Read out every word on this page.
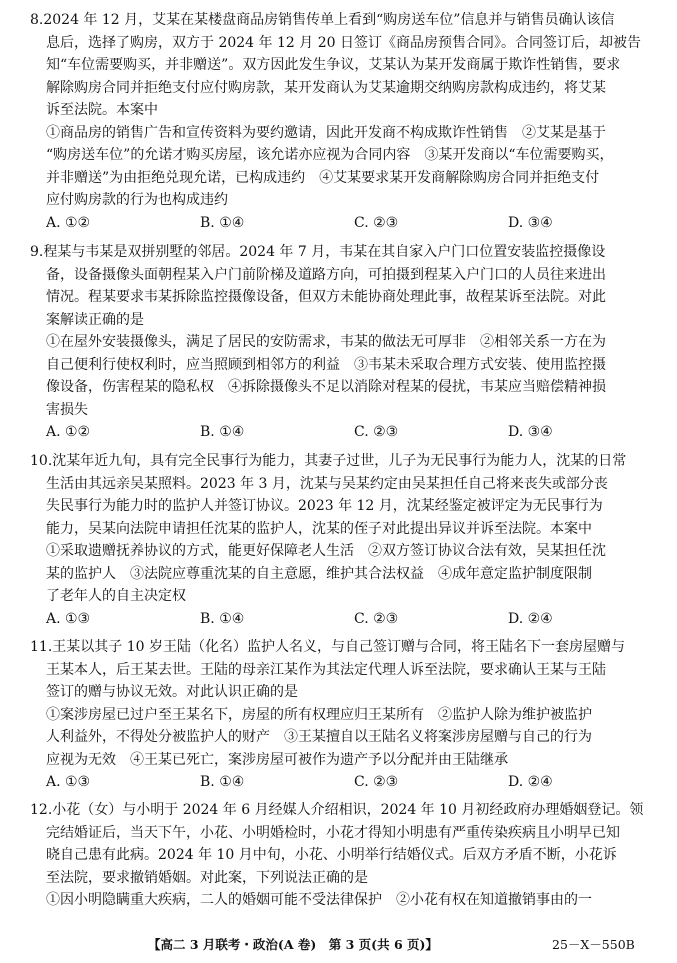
8.2024 年 12 月，艾某在某楼盘商品房销售传单上看到“购房送车位”信息并与销售员确认该信
息后，选择了购房，双方于 2024 年 12 月 20 日签订《商品房预售合同》。合同签订后，却被告
知“车位需要购买，并非赠送”。双方因此发生争议，艾某认为某开发商属于欺诈性销售，要求
解除购房合同并拒绝支付应付购房款，某开发商认为艾某逾期交纳购房款构成违约，将艾某
诉至法院。本案中
①商品房的销售广告和宣传资料为要约邀请，因此开发商不构成欺诈性销售　②艾某是基于
“购房送车位”的允诺才购买房屋，该允诺亦应视为合同内容　③某开发商以“车位需要购买，
并非赠送”为由拒绝兑现允诺，已构成违约　④艾某要求某开发商解除购房合同并拒绝支付
应付购房款的行为也构成违约
A. ①②	B. ①④	C. ②③	D. ③④
9.程某与韦某是双拼别墅的邻居。2024 年 7 月，韦某在其自家入户门口位置安装监控摄像设
备，设备摄像头面朝程某入户门前阶梯及道路方向，可拍摄到程某入户门口的人员往来进出
情况。程某要求韦某拆除监控摄像设备，但双方未能协商处理此事，故程某诉至法院。对此
案解读正确的是
①在屋外安装摄像头，满足了居民的安防需求，韦某的做法无可厚非　②相邻关系一方在为
自己便利行使权利时，应当照顾到相邻方的利益　③韦某未采取合理方式安装、使用监控摄
像设备，伤害程某的隐私权　④拆除摄像头不足以消除对程某的侵扰，韦某应当赔偿精神损
害损失
A. ①②	B. ①④	C. ②③	D. ③④
10.沈某年近九旬，具有完全民事行为能力，其妻子过世，儿子为无民事行为能力人，沈某的日常
生活由其远亲吴某照料。2023 年 3 月，沈某与吴某约定由吴某担任自己将来丧失或部分丧
失民事行为能力时的监护人并签订协议。2023 年 12 月，沈某经鉴定被评定为无民事行为
能力，吴某向法院申请担任沈某的监护人，沈某的侄子对此提出异议并诉至法院。本案中
①采取遗赠抚养协议的方式，能更好保障老人生活　②双方签订协议合法有效，吴某担任沈
某的监护人　③法院应尊重沈某的自主意愿，维护其合法权益　④成年意定监护制度限制
了老年人的自主决定权
A. ①③	B. ①④	C. ②③	D. ②④
11.王某以其子 10 岁王陆（化名）监护人名义，与自己签订赠与合同，将王陆名下一套房屋赠与
王某本人，后王某去世。王陆的母亲江某作为其法定代理人诉至法院，要求确认王某与王陆
签订的赠与协议无效。对此认识正确的是
①案涉房屋已过户至王某名下，房屋的所有权理应归王某所有　②监护人除为维护被监护
人利益外，不得处分被监护人的财产　③王某擅自以王陆名义将案涉房屋赠与自己的行为
应视为无效　④王某已死亡，案涉房屋可被作为遗产予以分配并由王陆继承
A. ①③	B. ①④	C. ②③	D. ②④
12.小花（女）与小明于 2024 年 6 月经媒人介绍相识，2024 年 10 月初经政府办理婚姻登记。领
完结婚证后，当天下午，小花、小明婚检时，小花才得知小明患有严重传染疾病且小明早已知
晓自己患有此病。2024 年 10 月中旬，小花、小明举行结婚仪式。后双方矛盾不断，小花诉
至法院，要求撤销婚姻。对此案，下列说法正确的是
①因小明隐瞒重大疾病，二人的婚姻可能不受法律保护　②小花有权在知道撤销事由的一
【高二 3 月联考・政治(A 卷)　第 3 页(共 6 页)】	25－X－550B
